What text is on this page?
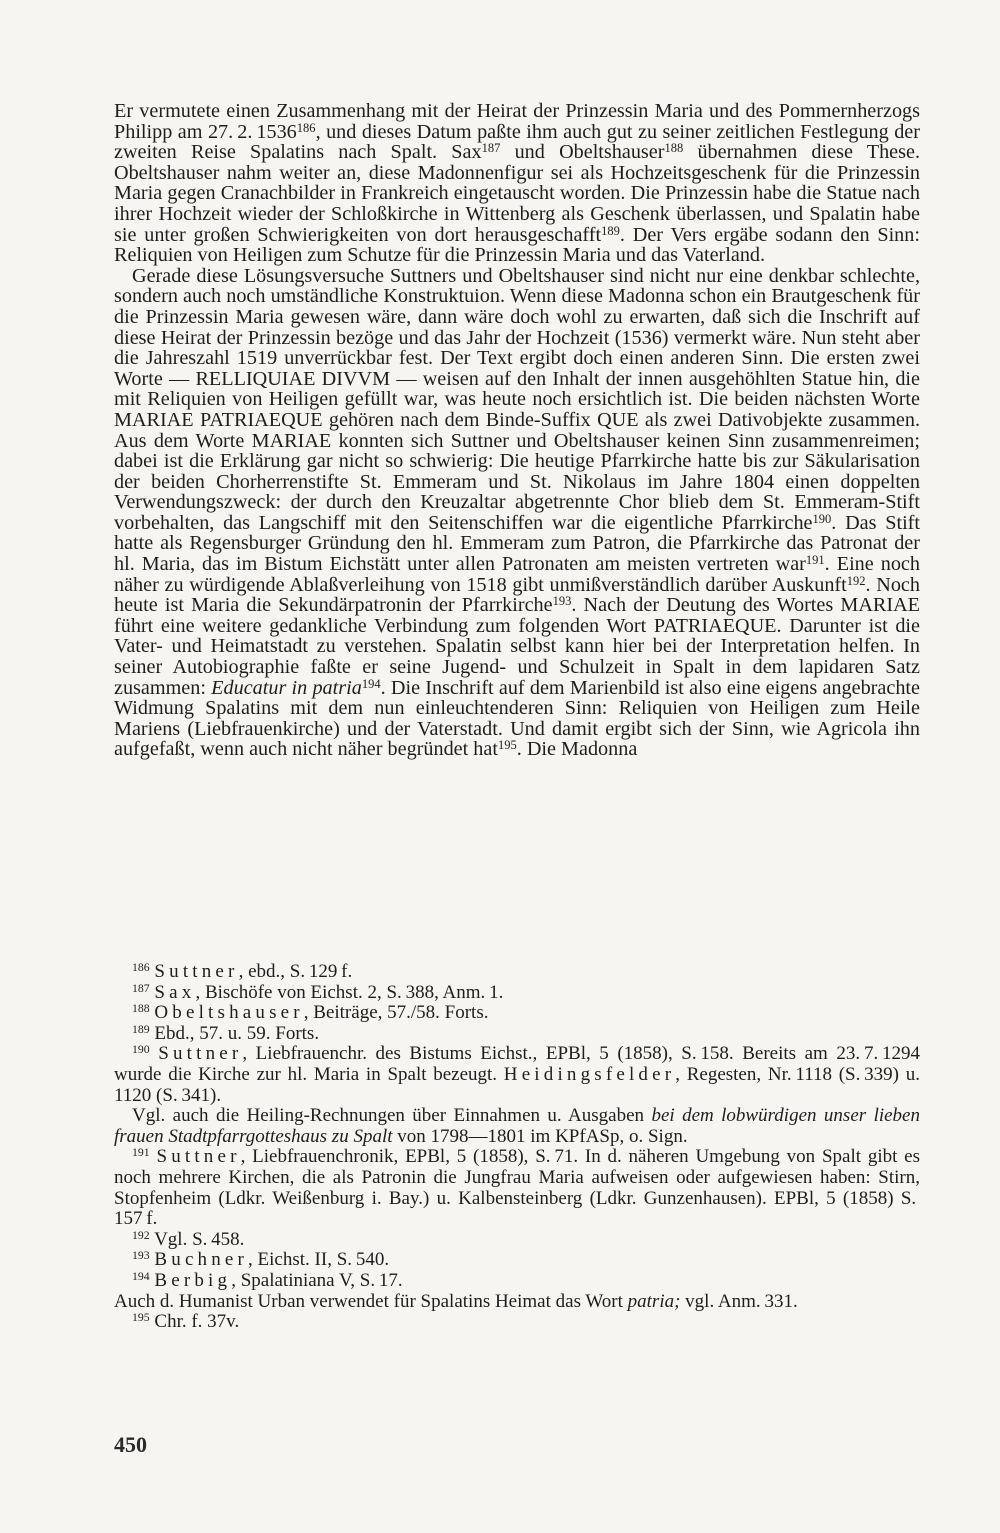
Er vermutete einen Zusammenhang mit der Heirat der Prinzessin Maria und des Pommernherzogs Philipp am 27. 2. 1536$^{186}$, und dieses Datum paßte ihm auch gut zu seiner zeitlichen Festlegung der zweiten Reise Spalatins nach Spalt. Sax$^{187}$ und Obeltshauser$^{188}$ übernahmen diese These. Obeltshauser nahm weiter an, diese Madonnenfigur sei als Hochzeitsgeschenk für die Prinzessin Maria gegen Cranachbilder in Frankreich eingetauscht worden. Die Prinzessin habe die Statue nach ihrer Hochzeit wieder der Schloßkirche in Wittenberg als Geschenk überlassen, und Spalatin habe sie unter großen Schwierigkeiten von dort herausgeschafft$^{189}$. Der Vers ergäbe sodann den Sinn: Reliquien von Heiligen zum Schutze für die Prinzessin Maria und das Vaterland.

Gerade diese Lösungsversuche Suttners und Obeltshauser sind nicht nur eine denkbar schlechte, sondern auch noch umständliche Konstruktuion. Wenn diese Madonna schon ein Brautgeschenk für die Prinzessin Maria gewesen wäre, dann wäre doch wohl zu erwarten, daß sich die Inschrift auf diese Heirat der Prinzessin bezöge und das Jahr der Hochzeit (1536) vermerkt wäre. Nun steht aber die Jahreszahl 1519 unverrückbar fest. Der Text ergibt doch einen anderen Sinn. Die ersten zwei Worte — RELLIQUIAE DIVVM — weisen auf den Inhalt der innen ausgehöhlten Statue hin, die mit Reliquien von Heiligen gefüllt war, was heute noch ersichtlich ist. Die beiden nächsten Worte MARIAE PATRIAEQUE gehören nach dem Binde-Suffix QUE als zwei Dativobjekte zusammen. Aus dem Worte MARIAE konnten sich Suttner und Obeltshauser keinen Sinn zusammenreimen; dabei ist die Erklärung gar nicht so schwierig: Die heutige Pfarrkirche hatte bis zur Säkularisation der beiden Chorherrenstifte St. Emmeram und St. Nikolaus im Jahre 1804 einen doppelten Verwendungszweck: der durch den Kreuzaltar abgetrennte Chor blieb dem St. Emmeram-Stift vorbehalten, das Langschiff mit den Seitenschiffen war die eigentliche Pfarrkirche$^{190}$. Das Stift hatte als Regensburger Gründung den hl. Emmeram zum Patron, die Pfarrkirche das Patronat der hl. Maria, das im Bistum Eichstätt unter allen Patronaten am meisten vertreten war$^{191}$. Eine noch näher zu würdigende Ablaßverleihung von 1518 gibt unmißverständlich darüber Auskunft$^{192}$. Noch heute ist Maria die Sekundärpatronin der Pfarrkirche$^{193}$. Nach der Deutung des Wortes MARIAE führt eine weitere gedankliche Verbindung zum folgenden Wort PATRIAEQUE. Darunter ist die Vater- und Heimatstadt zu verstehen. Spalatin selbst kann hier bei der Interpretation helfen. In seiner Autobiographie faßte er seine Jugend- und Schulzeit in Spalt in dem lapidaren Satz zusammen: Educatur in patria$^{194}$. Die Inschrift auf dem Marienbild ist also eine eigens angebrachte Widmung Spalatins mit dem nun einleuchtenderen Sinn: Reliquien von Heiligen zum Heile Mariens (Liebfrauenkirche) und der Vaterstadt. Und damit ergibt sich der Sinn, wie Agricola ihn aufgefaßt, wenn auch nicht näher begründet hat$^{195}$. Die Madonna

$^{186}$ Suttner, ebd., S. 129 f.

$^{187}$ Sax, Bischöfe von Eichst. 2, S. 388, Anm. 1.

$^{188}$ Obeltshauser, Beiträge, 57./58. Forts.

$^{189}$ Ebd., 57. u. 59. Forts.

$^{190}$ Suttner, Liebfrauenchr. des Bistums Eichst., EPBl, 5 (1858), S. 158. Bereits am 23. 7. 1294 wurde die Kirche zur hl. Maria in Spalt bezeugt. Heidingsfelder, Regesten, Nr. 1118 (S. 339) u. 1120 (S. 341).

Vgl. auch die Heiling-Rechnungen über Einnahmen u. Ausgaben bei dem lobwürdigen unser lieben frauen Stadtpfarrgotteshaus zu Spalt von 1798—1801 im KPfASp, o. Sign.

$^{191}$ Suttner, Liebfrauenchronik, EPBl, 5 (1858), S. 71. In d. näheren Umgebung von Spalt gibt es noch mehrere Kirchen, die als Patronin die Jungfrau Maria aufweisen oder aufgewiesen haben: Stirn, Stopfenheim (Ldkr. Weißenburg i. Bay.) u. Kalbensteinberg (Ldkr. Gunzenhausen). EPBl, 5 (1858) S. 157 f.

$^{192}$ Vgl. S. 458.

$^{193}$ Buchner, Eichst. II, S. 540.

$^{194}$ Berbig, Spalatiniana V, S. 17.

Auch d. Humanist Urban verwendet für Spalatins Heimat das Wort patria; vgl. Anm. 331.

$^{195}$ Chr. f. 37v.

450
